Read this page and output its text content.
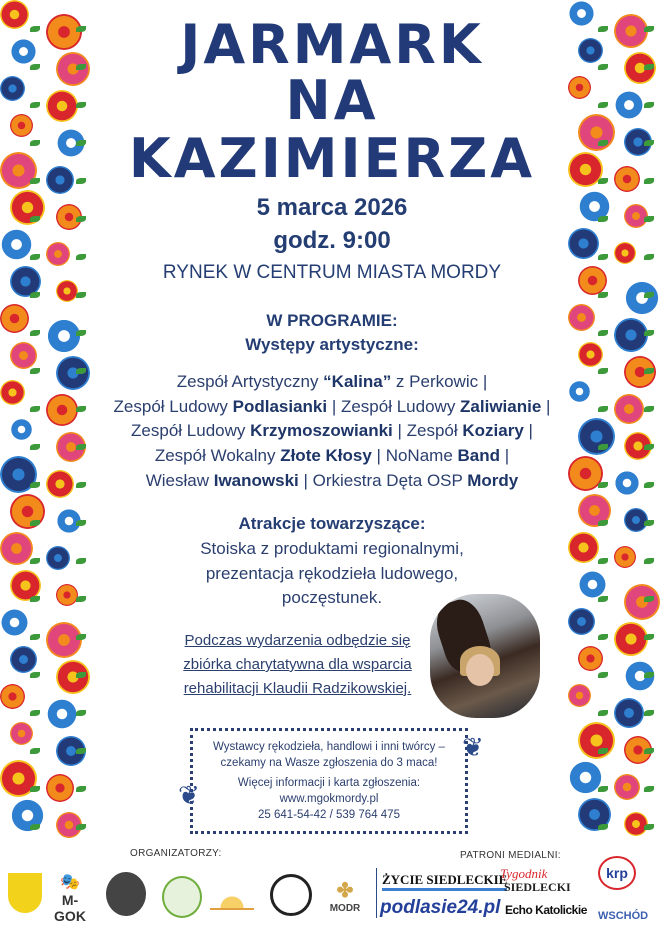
JARMARK
NA
KAZIMIERZA
5 marca 2026
godz. 9:00
RYNEK W CENTRUM MIASTA MORDY
W PROGRAMIE:
Występy artystyczne:
Zespół Artystyczny “Kalina” z Perkowic |
Zespół Ludowy Podlasianki | Zespół Ludowy Zaliwianie |
Zespół Ludowy Krzymoszowianki | Zespół Koziary |
Zespół Wokalny Złote Kłosy | NoName Band |
Wiesław Iwanowski | Orkiestra Dęta OSP Mordy
Atrakcje towarzyszące:
Stoiska z produktami regionalnymi,
prezentacja rękodzieła ludowego,
poczęstunek.
Podczas wydarzenia odbędzie się
zbiórka charytatywna dla wsparcia
rehabilitacji Klaudii Radzikowskiej.

Wystawcy rękodzieła, handlowi i inni twórcy –

czekamy na Wasze zgłoszenia do 3 maca!

Więcej informacji i karta zgłoszenia:

www.mgokmordy.pl

25 641-54-42 / 539 764 475

❦
❦
ORGANIZATORZY:	PATRONI MEDIALNI:
🎭
M-GOK
✤
MODR
ŻYCIE SIEDLECKIE
Tygodnik
SIEDLECKI
podlasie24.pl Echo Katolickie
krp
WSCHÓD
